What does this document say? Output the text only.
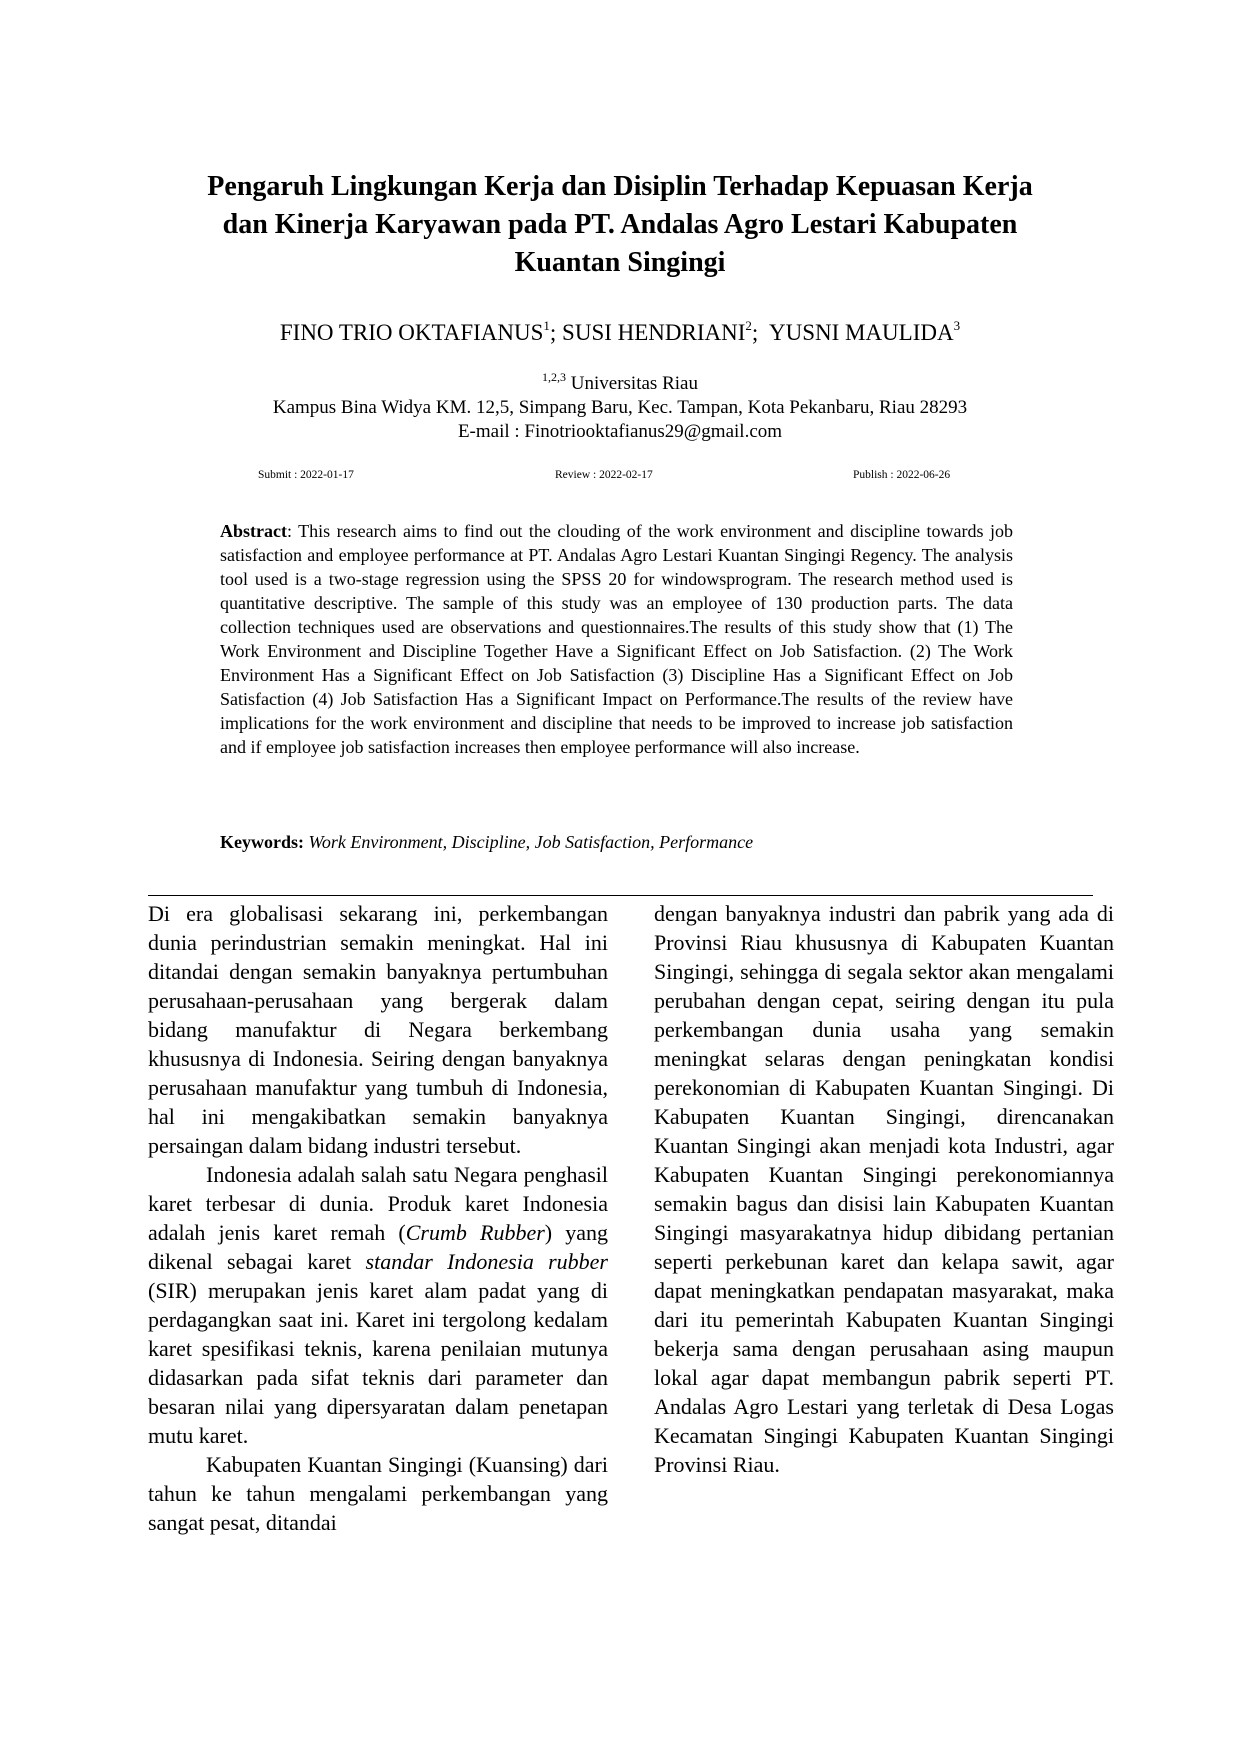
Pengaruh Lingkungan Kerja dan Disiplin Terhadap Kepuasan Kerja
dan Kinerja Karyawan pada PT. Andalas Agro Lestari Kabupaten
Kuantan Singingi
FINO TRIO OKTAFIANUS$^1$; SUSI HENDRIANI$^2$;  YUSNI MAULIDA$^3$
$^{1,2,3}$ Universitas Riau
Kampus Bina Widya KM. 12,5, Simpang Baru, Kec. Tampan, Kota Pekanbaru, Riau 28293
E-mail : Finotriooktafianus29@gmail.com
Submit : 2022-01-17	Review : 2022-02-17	Publish : 2022-06-26

Abstract: This research aims to find out the clouding of the work environment and discipline towards job satisfaction and employee performance at PT. Andalas Agro Lestari Kuantan Singingi Regency. The analysis tool used is a two-stage regression using the SPSS 20 for windowsprogram. The research method used is quantitative descriptive. The sample of this study was an employee of 130 production parts. The data collection techniques used are observations and questionnaires.The results of this study show that (1) The Work Environment and Discipline Together Have a Significant Effect on Job Satisfaction. (2) The Work Environment Has a Significant Effect on Job Satisfaction (3) Discipline Has a Significant Effect on Job Satisfaction (4) Job Satisfaction Has a Significant Impact on Performance.The results of the review have implications for the work environment and discipline that needs to be improved to increase job satisfaction and if employee job satisfaction increases then employee performance will also increase.

Keywords: Work Environment, Discipline, Job Satisfaction, Performance

Di era globalisasi sekarang ini, perkembangan dunia perindustrian semakin meningkat. Hal ini ditandai dengan semakin banyaknya pertumbuhan perusahaan-perusahaan yang bergerak dalam bidang manufaktur di Negara berkembang khususnya di Indonesia. Seiring dengan banyaknya perusahaan manufaktur yang tumbuh di Indonesia, hal ini mengakibatkan semakin banyaknya persaingan dalam bidang industri tersebut.

Indonesia adalah salah satu Negara penghasil karet terbesar di dunia. Produk karet Indonesia adalah jenis karet remah (Crumb Rubber) yang dikenal sebagai karet standar Indonesia rubber (SIR) merupakan jenis karet alam padat yang di perdagangkan saat ini. Karet ini tergolong kedalam karet spesifikasi teknis, karena penilaian mutunya didasarkan pada sifat teknis dari parameter dan besaran nilai yang dipersyaratan dalam penetapan mutu karet.

Kabupaten Kuantan Singingi (Kuansing) dari tahun ke tahun mengalami perkembangan yang sangat pesat, ditandai

dengan banyaknya industri dan pabrik yang ada di Provinsi Riau khususnya di Kabupaten Kuantan Singingi, sehingga di segala sektor akan mengalami perubahan dengan cepat, seiring dengan itu pula perkembangan dunia usaha yang semakin meningkat selaras dengan peningkatan kondisi perekonomian di Kabupaten Kuantan Singingi. Di Kabupaten Kuantan Singingi, direncanakan Kuantan Singingi akan menjadi kota Industri, agar Kabupaten Kuantan Singingi perekonomiannya semakin bagus dan disisi lain Kabupaten Kuantan Singingi masyarakatnya hidup dibidang pertanian seperti perkebunan karet dan kelapa sawit, agar dapat meningkatkan pendapatan masyarakat, maka dari itu pemerintah Kabupaten Kuantan Singingi bekerja sama dengan perusahaan asing maupun lokal agar dapat membangun pabrik seperti PT. Andalas Agro Lestari yang terletak di Desa Logas Kecamatan Singingi Kabupaten Kuantan Singingi Provinsi Riau.
